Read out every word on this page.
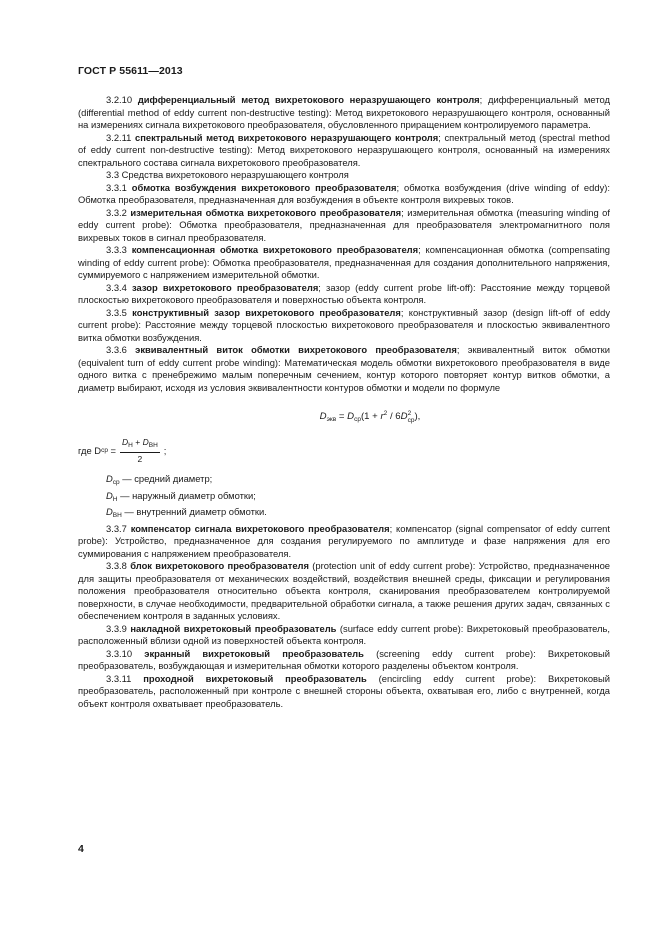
ГОСТ Р 55611—2013

3.2.10 дифференциальный метод вихретокового неразрушающего контроля; дифференциальный метод (differential method of eddy current non-destructive testing): Метод вихретокового неразрушающего контроля, основанный на измерениях сигнала вихретокового преобразователя, обусловленного приращением контролируемого параметра.

3.2.11 спектральный метод вихретокового неразрушающего контроля; спектральный метод (spectral method of eddy current non-destructive testing): Метод вихретокового неразрушающего контроля, основанный на измерениях спектрального состава сигнала вихретокового преобразователя.

3.3 Средства вихретокового неразрушающего контроля

3.3.1 обмотка возбуждения вихретокового преобразователя; обмотка возбуждения (drive winding of eddy): Обмотка преобразователя, предназначенная для возбуждения в объекте контроля вихревых токов.

3.3.2 измерительная обмотка вихретокового преобразователя; измерительная обмотка (measuring winding of eddy current probe): Обмотка преобразователя, предназначенная для преобразователя электромагнитного поля вихревых токов в сигнал преобразователя.

3.3.3 компенсационная обмотка вихретокового преобразователя; компенсационная обмотка (compensating winding of eddy current probe): Обмотка преобразователя, предназначенная для создания дополнительного напряжения, суммируемого с напряжением измерительной обмотки.

3.3.4 зазор вихретокового преобразователя; зазор (eddy current probe lift-off): Расстояние между торцевой плоскостью вихретокового преобразователя и поверхностью объекта контроля.

3.3.5 конструктивный зазор вихретокового преобразователя; конструктивный зазор (design lift-off of eddy current probe): Расстояние между торцевой плоскостью вихретокового преобразователя и плоскостью эквивалентного витка обмотки возбуждения.

3.3.6 эквивалентный виток обмотки вихретокового преобразователя; эквивалентный виток обмотки (equivalent turn of eddy current probe winding): Математическая модель обмотки вихретокового преобразователя в виде одного витка с пренебрежимо малым поперечным сечением, контур которого повторяет контур витков обмотки, а диаметр выбирают, исходя из условия эквивалентности контуров обмотки и модели по формуле

$D_{экв} = D_{ср}(1 + r^2 / 6D2$
ср),
где D ср
= $\frac{D_Н + D_{ВН}}{2}$ ;
$D_{ср}$ — средний диаметр;
$D_Н$ — наружный диаметр обмотки;
$D_{ВН}$ — внутренний диаметр обмотки.

3.3.7 компенсатор сигнала вихретокового преобразователя; компенсатор (signal compensator of eddy current probe): Устройство, предназначенное для создания регулируемого по амплитуде и фазе напряжения для его суммирования с напряжением преобразователя.

3.3.8 блок вихретокового преобразователя (protection unit of eddy current probe): Устройство, предназначенное для защиты преобразователя от механических воздействий, воздействия внешней среды, фиксации и регулирования положения преобразователя относительно объекта контроля, сканирования преобразователем контролируемой поверхности, в случае необходимости, предварительной обработки сигнала, а также решения других задач, связанных с обеспечением контроля в заданных условиях.

3.3.9 накладной вихретоковый преобразователь (surface eddy current probe): Вихретоковый преобразователь, расположенный вблизи одной из поверхностей объекта контроля.

3.3.10 экранный вихретоковый преобразователь (screening eddy current probe): Вихретоковый преобразователь, возбуждающая и измерительная обмотки которого разделены объектом контроля.

3.3.11 проходной вихретоковый преобразователь (encircling eddy current probe): Вихретоковый преобразователь, расположенный при контроле с внешней стороны объекта, охватывая его, либо с внутренней, когда объект контроля охватывает преобразователь.

4
